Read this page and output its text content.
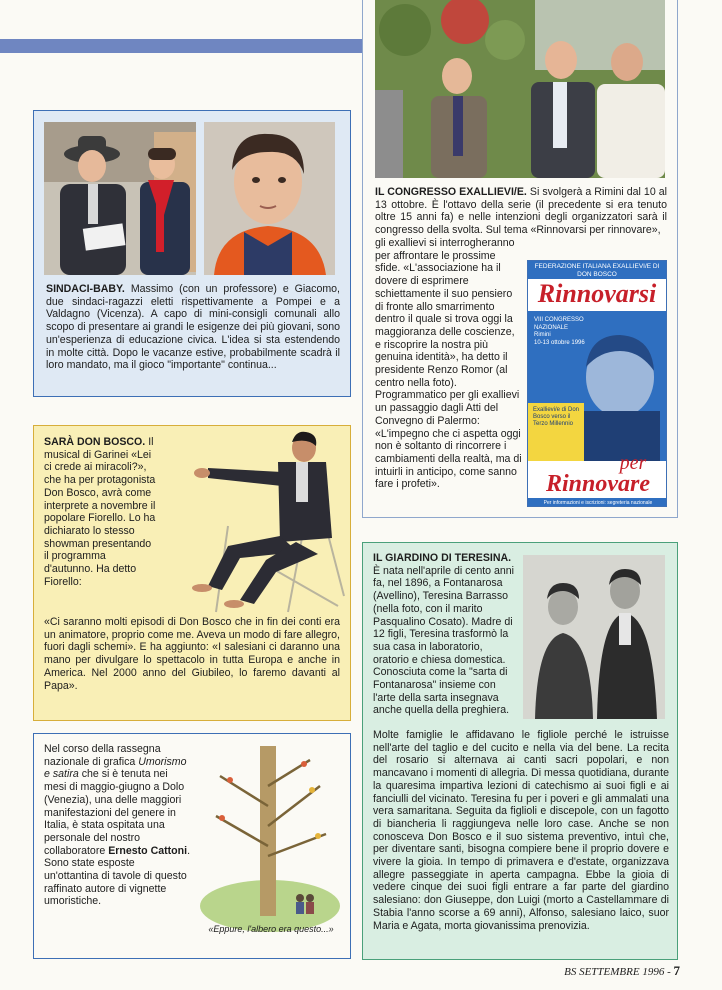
SINDACI-BABY. Massimo (con un professore) e Giacomo, due sindaci-ragazzi eletti rispettivamente a Pompei e a Valdagno (Vicenza). A capo di mini-consigli comunali allo scopo di presentare ai grandi le esigenze dei più giovani, sono un'esperienza di educazione civica. L'idea si sta estendendo in molte città. Dopo le vacanze estive, probabilmente scadrà il loro mandato, ma il gioco "importante" continua...

IL CONGRESSO EXALLIEVI/E. Si svolgerà a Rimini dal 10 al 13 ottobre. È l'ottavo della serie (il precedente si era tenuto oltre 15 anni fa) e nelle intenzioni degli organizzatori sarà il congresso della svolta. Sul tema «Rinnovarsi per rinnovare»,

gli exallievi si interrogheranno per affrontare le prossime sfide. «L'associazione ha il dovere di esprimere schiettamente il suo pensiero di fronte allo smarrimento dentro il quale si trova oggi la maggioranza delle coscienze, e riscoprire la nostra più genuina identità», ha detto il presidente Renzo Romor (al centro nella foto). Programmatico per gli exallievi un passaggio dagli Atti del Convegno di Palermo: «L'impegno che ci aspetta oggi non è soltanto di rincorrere i cambiamenti della realtà, ma di intuirli in anticipo, come sanno fare i profeti».

FEDERAZIONE ITALIANA EXALLIEVI/E DI DON BOSCO
Rinnovarsi
VIII CONGRESSO NAZIONALE
Rimini
10-13 ottobre 1996
Exallievi/e di Don Bosco verso il Terzo Millennio
per
Rinnovare
Per informazioni e iscrizioni: segreteria nazionale

SARÀ DON BOSCO. Il musical di Garinei «Lei ci crede ai miracoli?», che ha per protagonista Don Bosco, avrà come interprete a novembre il popolare Fiorello. Lo ha dichiarato lo stesso showman presentando il programma d'autunno. Ha detto Fiorello:

«Ci saranno molti episodi di Don Bosco che in fin dei conti era un animatore, proprio come me. Aveva un modo di fare allegro, fuori dagli schemi». E ha aggiunto: «I salesiani ci daranno una mano per divulgare lo spettacolo in tutta Europa e anche in America. Nel 2000 anno del Giubileo, lo faremo davanti al Papa».

Nel corso della rassegna nazionale di grafica Umorismo e satira che si è tenuta nei mesi di maggio-giugno a Dolo (Venezia), una delle maggiori manifestazioni del genere in Italia, è stata ospitata una personale del nostro collaboratore Ernesto Cattoni. Sono state esposte un'ottantina di tavole di questo raffinato autore di vignette umoristiche.

«Eppure, l'albero era questo...»

IL GIARDINO DI TERESINA. È nata nell'aprile di cento anni fa, nel 1896, a Fontanarosa (Avellino), Teresina Barrasso (nella foto, con il marito Pasqualino Cosato). Madre di 12 figli, Teresina trasformò la sua casa in laboratorio, oratorio e chiesa domestica. Conosciuta come la "sarta di Fontanarosa" insieme con l'arte della sarta insegnava anche quella della preghiera.

Molte famiglie le affidavano le figliole perché le istruisse nell'arte del taglio e del cucito e nella via del bene. La recita del rosario si alternava ai canti sacri popolari, e non mancavano i momenti di allegria. Di messa quotidiana, durante la quaresima impartiva lezioni di catechismo ai suoi figli e ai fanciulli del vicinato. Teresina fu per i poveri e gli ammalati una vera samaritana. Seguita da figlioli e discepole, con un fagotto di biancheria li raggiungeva nelle loro case. Anche se non conosceva Don Bosco e il suo sistema preventivo, intuì che, per diventare santi, bisogna compiere bene il proprio dovere e vivere la gioia. In tempo di primavera e d'estate, organizzava allegre passeggiate in aperta campagna. Ebbe la gioia di vedere cinque dei suoi figli entrare a far parte del giardino salesiano: don Giuseppe, don Luigi (morto a Castellammare di Stabia l'anno scorse a 69 anni), Alfonso, salesiano laico, suor Maria e Agata, morta giovanissima prenovizia.

BS SETTEMBRE 1996 - 7
